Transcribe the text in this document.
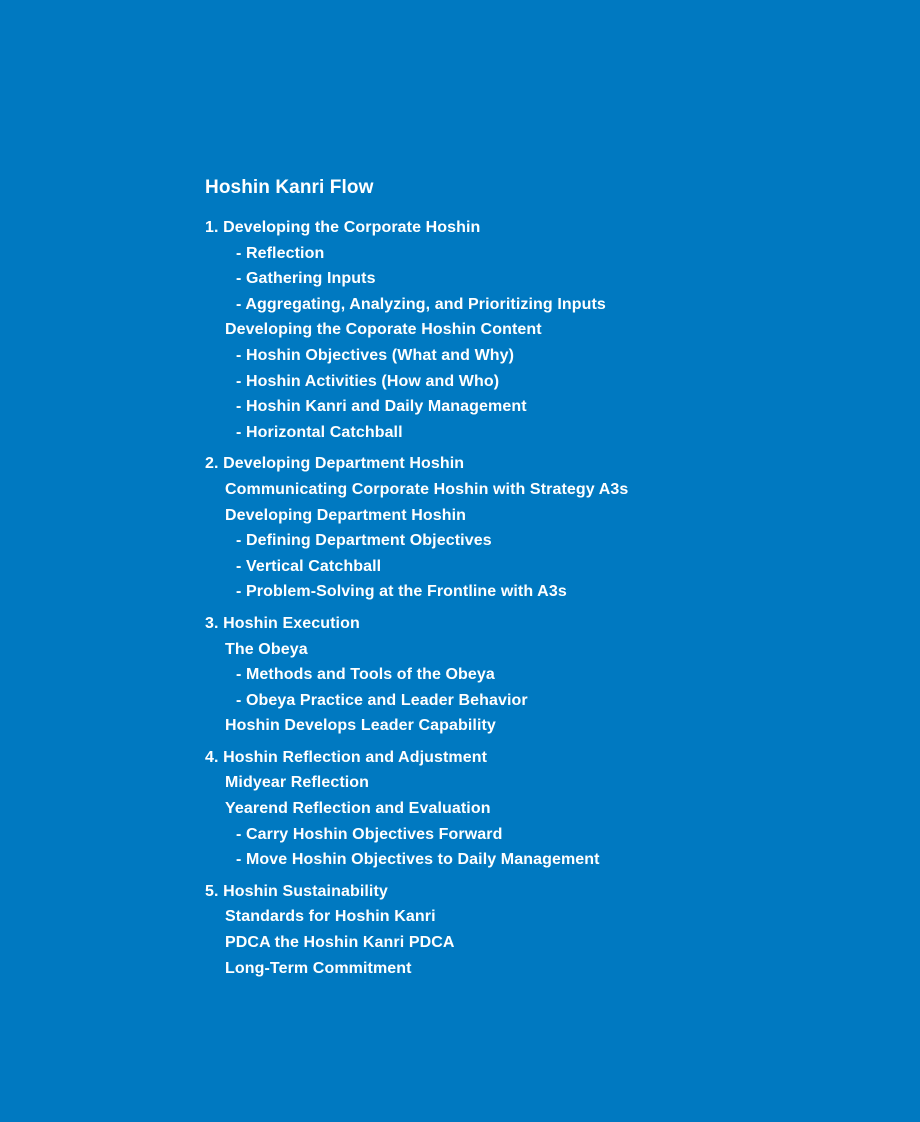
Hoshin Kanri Flow
1. Developing the Corporate Hoshin
- Reflection
- Gathering Inputs
- Aggregating, Analyzing, and Prioritizing Inputs
Developing the Coporate Hoshin Content
- Hoshin Objectives (What and Why)
- Hoshin Activities (How and Who)
- Hoshin Kanri and Daily Management
- Horizontal Catchball
2. Developing Department Hoshin
Communicating Corporate Hoshin with Strategy A3s
Developing Department Hoshin
- Defining Department Objectives
- Vertical Catchball
- Problem-Solving at the Frontline with A3s
3. Hoshin Execution
The Obeya
- Methods and Tools of the Obeya
- Obeya Practice and Leader Behavior
Hoshin Develops Leader Capability
4. Hoshin Reflection and Adjustment
Midyear Reflection
Yearend Reflection and Evaluation
- Carry Hoshin Objectives Forward
- Move Hoshin Objectives to Daily Management
5. Hoshin Sustainability
Standards for Hoshin Kanri
PDCA the Hoshin Kanri PDCA
Long-Term Commitment
